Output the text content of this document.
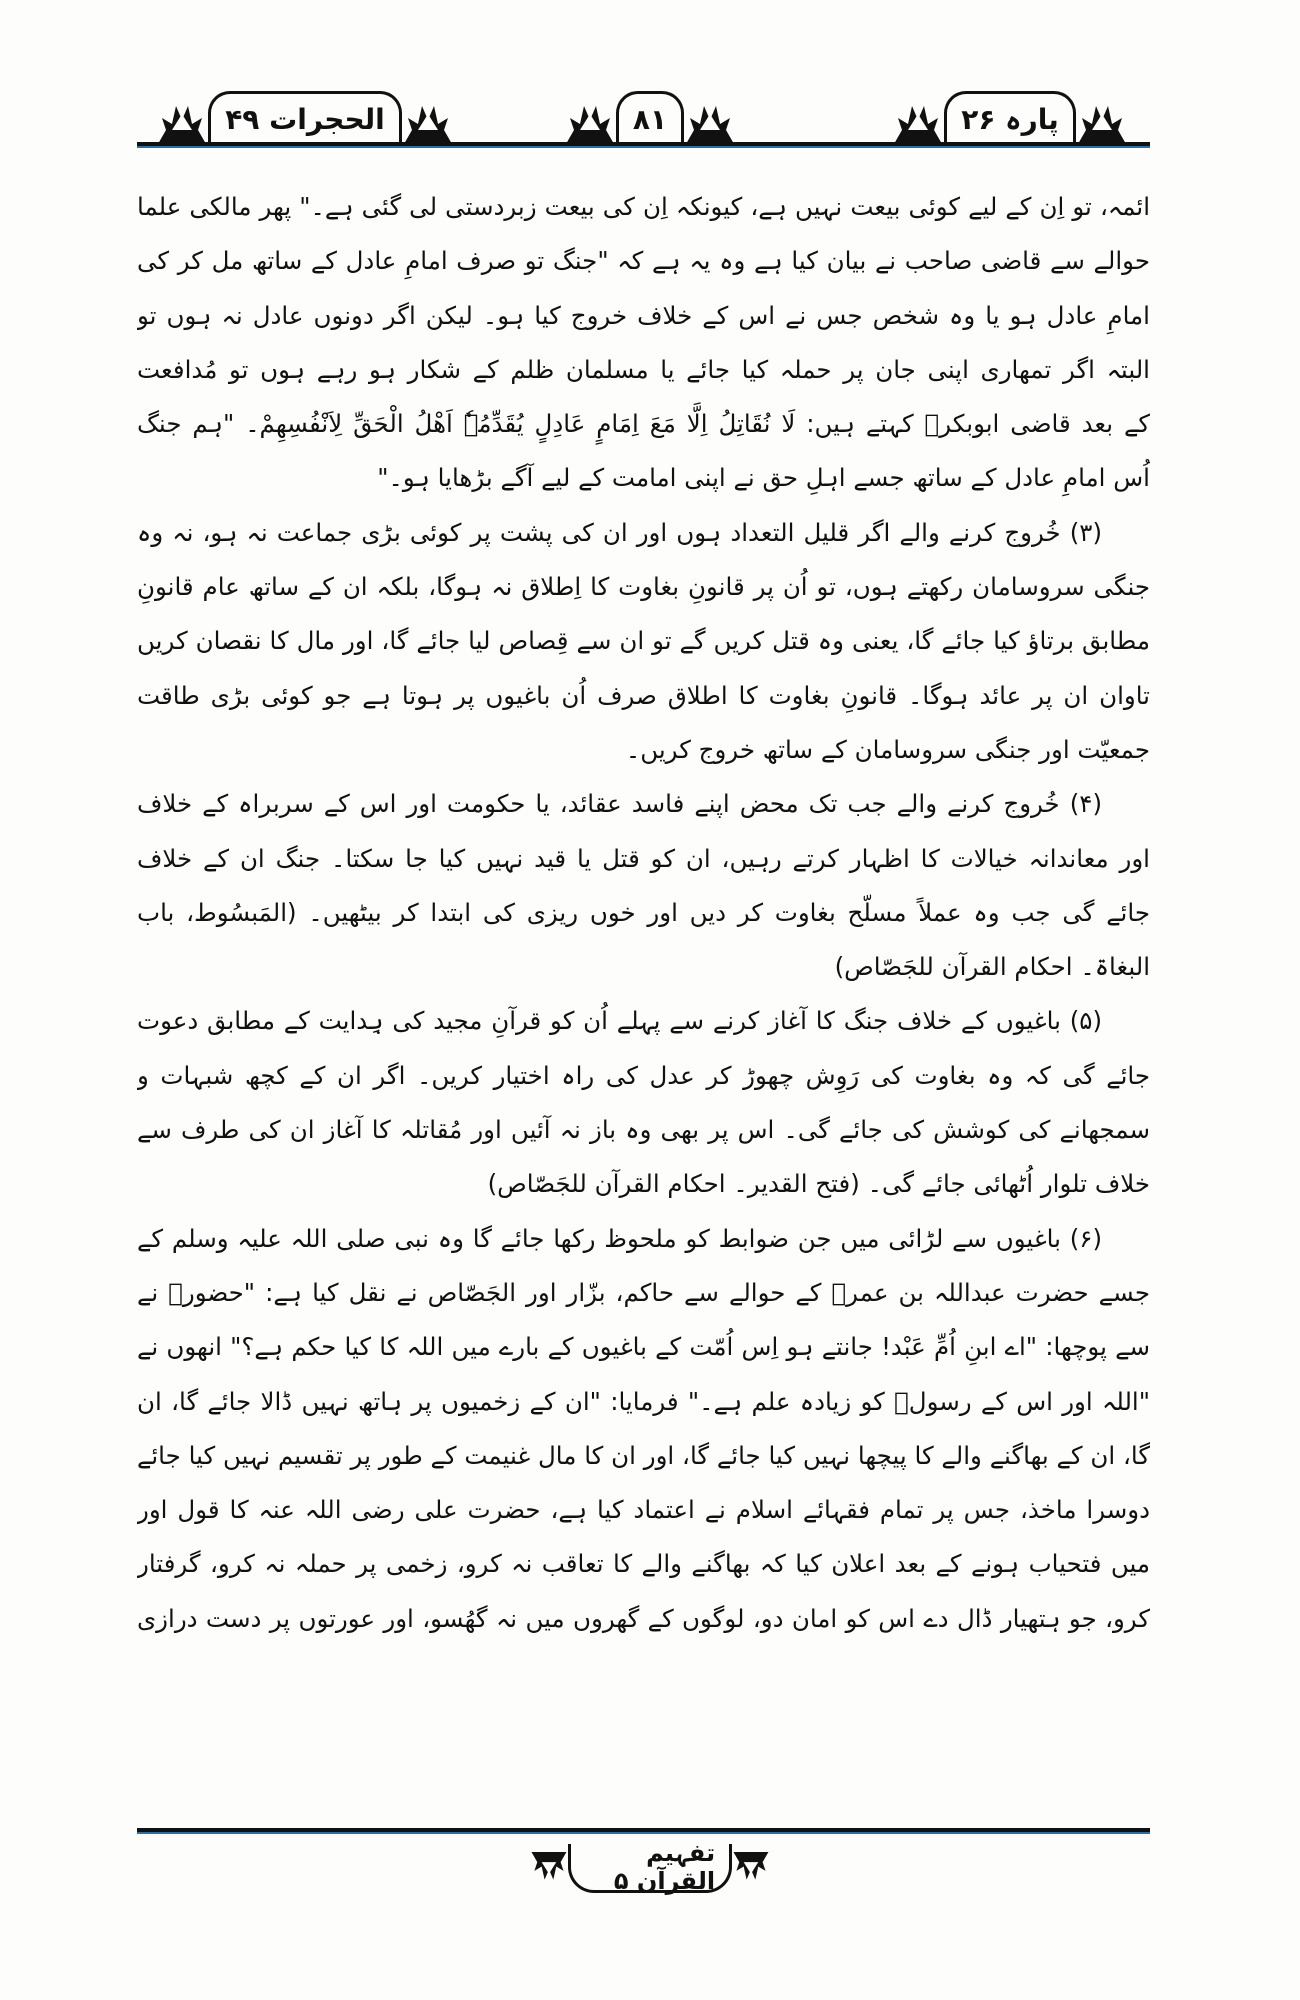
الحجرات ۴۹	۸۱	پارہ ۲۶
ائمہ، تو اِن کے لیے کوئی بیعت نہیں ہے، کیونکہ اِن کی بیعت زبردستی لی گئی ہے۔" پھر مالکی علما
حوالے سے قاضی صاحب نے بیان کیا ہے وہ یہ ہے کہ "جنگ تو صرف امامِ عادل کے ساتھ مل کر کی
امامِ عادل ہو یا وہ شخص جس نے اس کے خلاف خروج کیا ہو۔ لیکن اگر دونوں عادل نہ ہوں تو
البتہ اگر تمھاری اپنی جان پر حملہ کیا جائے یا مسلمان ظلم کے شکار ہو رہے ہوں تو مُدافعت
کے بعد قاضی ابوبکرؒ کہتے ہیں: لَا نُقَاتِلُ اِلَّا مَعَ اِمَامٍ عَادِلٍ یُقَدِّمُہٗ اَھْلُ الْحَقِّ لِاَنْفُسِھِمْ۔ "ہم جنگ
اُس امامِ عادل کے ساتھ جسے اہلِ حق نے اپنی امامت کے لیے آگے بڑھایا ہو۔"
(۳) خُروج کرنے والے اگر قلیل التعداد ہوں اور ان کی پشت پر کوئی بڑی جماعت نہ ہو، نہ وہ
جنگی سروسامان رکھتے ہوں، تو اُن پر قانونِ بغاوت کا اِطلاق نہ ہوگا، بلکہ ان کے ساتھ عام قانونِ
مطابق برتاؤ کیا جائے گا، یعنی وہ قتل کریں گے تو ان سے قِصاص لیا جائے گا، اور مال کا نقصان کریں
تاوان ان پر عائد ہوگا۔ قانونِ بغاوت کا اطلاق صرف اُن باغیوں پر ہوتا ہے جو کوئی بڑی طاقت
جمعیّت اور جنگی سروسامان کے ساتھ خروج کریں۔
(۴) خُروج کرنے والے جب تک محض اپنے فاسد عقائد، یا حکومت اور اس کے سربراہ کے خلاف
اور معاندانہ خیالات کا اظہار کرتے رہیں، ان کو قتل یا قید نہیں کیا جا سکتا۔ جنگ ان کے خلاف
جائے گی جب وہ عملاً مسلّح بغاوت کر دیں اور خوں ریزی کی ابتدا کر بیٹھیں۔ (المَبسُوط، باب
البغاۃ۔ احکام القرآن للجَصّاص)
(۵) باغیوں کے خلاف جنگ کا آغاز کرنے سے پہلے اُن کو قرآنِ مجید کی ہِدایت کے مطابق دعوت
جائے گی کہ وہ بغاوت کی رَوِش چھوڑ کر عدل کی راہ اختیار کریں۔ اگر ان کے کچھ شبہات و
سمجھانے کی کوشش کی جائے گی۔ اس پر بھی وہ باز نہ آئیں اور مُقاتلہ کا آغاز ان کی طرف سے
خلاف تلوار اُٹھائی جائے گی۔ (فتح القدیر۔ احکام القرآن للجَصّاص)
(۶) باغیوں سے لڑائی میں جن ضوابط کو ملحوظ رکھا جائے گا وہ نبی صلی اللہ علیہ وسلم کے
جسے حضرت عبداللہ بن عمرؓ کے حوالے سے حاکم، بزّار اور الجَصّاص نے نقل کیا ہے: "حضورؐ نے
سے پوچھا: "اے ابنِ اُمِّ عَبْد! جانتے ہو اِس اُمّت کے باغیوں کے بارے میں اللہ کا کیا حکم ہے؟" انھوں نے
"اللہ اور اس کے رسولؐ کو زیادہ علم ہے۔" فرمایا: "ان کے زخمیوں پر ہاتھ نہیں ڈالا جائے گا، ان
گا، ان کے بھاگنے والے کا پیچھا نہیں کیا جائے گا، اور ان کا مال غنیمت کے طور پر تقسیم نہیں کیا جائے
دوسرا ماخذ، جس پر تمام فقہائے اسلام نے اعتماد کیا ہے، حضرت علی رضی اللہ عنہ کا قول اور
میں فتحیاب ہونے کے بعد اعلان کیا کہ بھاگنے والے کا تعاقب نہ کرو، زخمی پر حملہ نہ کرو، گرفتار
کرو، جو ہتھیار ڈال دے اس کو امان دو، لوگوں کے گھروں میں نہ گھُسو، اور عورتوں پر دست درازی
تفہیم القرآن ۵
